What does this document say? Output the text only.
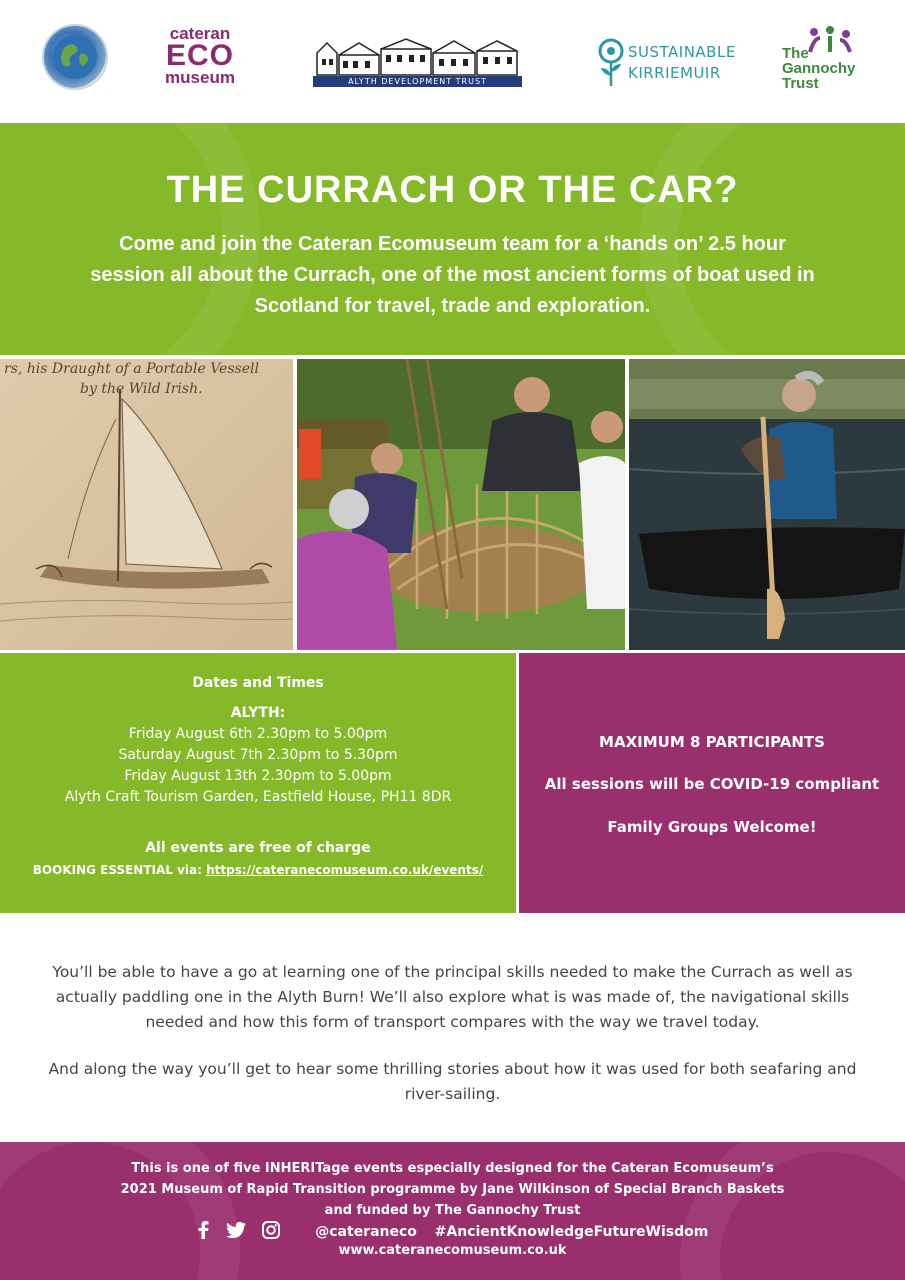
cateran
ECO
museum	ALYTH DEVELOPMENT TRUST
SUSTAINABLE
KIRRIEMUIR
The
Gannochy
Trust
THE CURRACH OR THE CAR?

Come and join the Cateran Ecomuseum team for a ‘hands on’ 2.5 hour session all about the Currach, one of the most ancient forms of boat used in Scotland for travel, trade and exploration.

rs, his Draught of a Portable Vessell
by the Wild Irish.
Dates and Times
ALYTH:
Friday August 6th 2.30pm to 5.00pm
Saturday August 7th 2.30pm to 5.30pm
Friday August 13th 2.30pm to 5.00pm
Alyth Craft Tourism Garden, Eastfield House, PH11 8DR
All events are free of charge
BOOKING ESSENTIAL via: https://cateranecomuseum.co.uk/events/
MAXIMUM 8 PARTICIPANTS
All sessions will be COVID-19 compliant
Family Groups Welcome!

You’ll be able to have a go at learning one of the principal skills needed to make the Currach as well as actually paddling one in the Alyth Burn! We’ll also explore what is was made of, the navigational skills needed and how this form of transport compares with the way we travel today.

And along the way you’ll get to hear some thrilling stories about how it was used for both seafaring and river-sailing.

This is one of five INHERITage events especially designed for the Cateran Ecomuseum’s
2021 Museum of Rapid Transition programme by Jane Wilkinson of Special Branch Baskets
and funded by The Gannochy Trust
@cateraneco #AncientKnowledgeFutureWisdom
www.cateranecomuseum.co.uk
